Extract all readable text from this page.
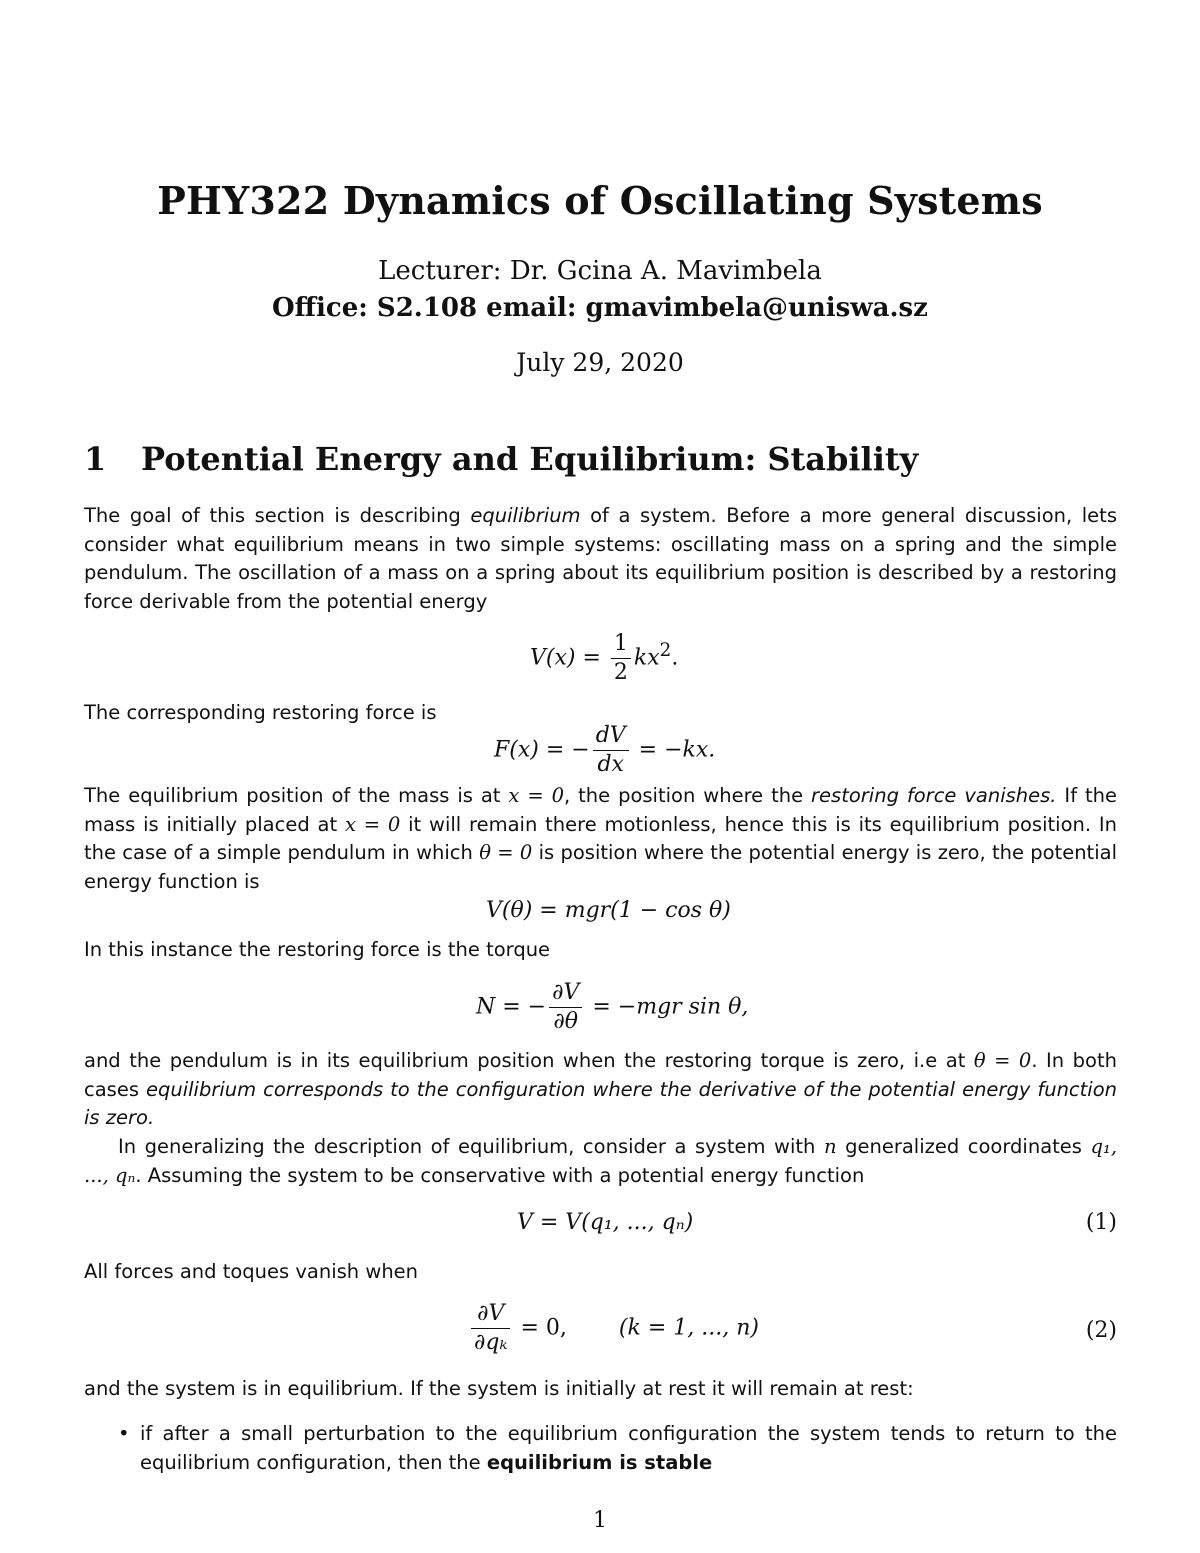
PHY322 Dynamics of Oscillating Systems
Lecturer: Dr. Gcina A. Mavimbela
Office: S2.108 email: gmavimbela@uniswa.sz
July 29, 2020
1 Potential Energy and Equilibrium: Stability
The goal of this section is describing equilibrium of a system. Before a more general discussion, lets consider what equilibrium means in two simple systems: oscillating mass on a spring and the simple pendulum. The oscillation of a mass on a spring about its equilibrium position is described by a restoring force derivable from the potential energy
$V(x) = \frac{1}{2} kx^2$.
The corresponding restoring force is
F(x) = − $\frac{dV}{dx} = -kx$.
The equilibrium position of the mass is at x = 0, the position where the restoring force vanishes. If the mass is initially placed at x = 0 it will remain there motionless, hence this is its equilibrium position. In the case of a simple pendulum in which θ = 0 is position where the potential energy is zero, the potential energy function is
V(θ) = mgr(1 − cos θ)
In this instance the restoring force is the torque
N = − $\frac{\partial V}{\partial\theta} = -mgr$ sin θ,
and the pendulum is in its equilibrium position when the restoring torque is zero, i.e at θ = 0. In both cases equilibrium corresponds to the configuration where the derivative of the potential energy function is zero.
In generalizing the description of equilibrium, consider a system with n generalized coordinates q₁, ..., qₙ. Assuming the system to be conservative with a potential energy function
V = V(q₁, ..., qₙ)	(1)
All forces and toques vanish when
$\frac{\partial V}{\text{∂qₖ}} = 0$, (k = 1, ..., n)	(2)
and the system is in equilibrium. If the system is initially at rest it will remain at rest:
• if after a small perturbation to the equilibrium configuration the system tends to return to the equilibrium configuration, then the equilibrium is stable
1
